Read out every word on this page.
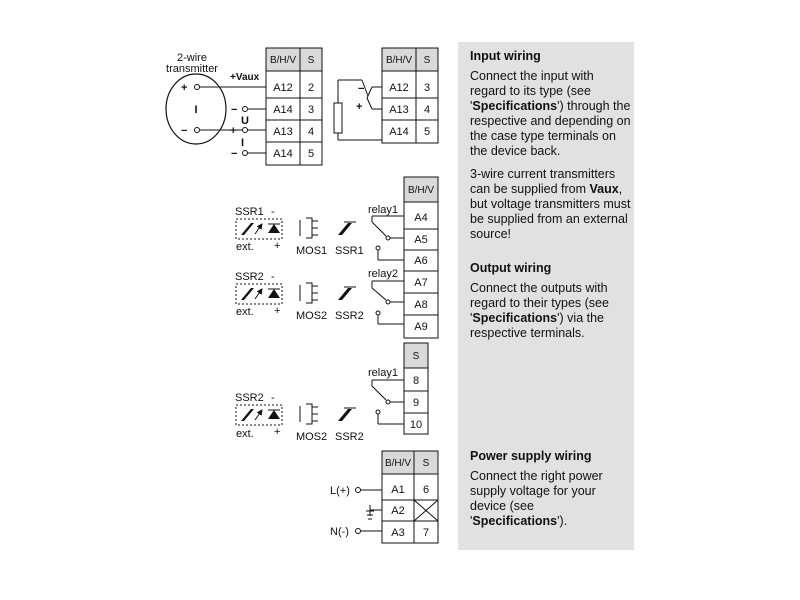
2-wire
transmitter
+
−
I
B/H/V S
A12 2
A14 3
A13 4
A14 5
+Vaux
−
U
+
I
−
B/H/V S
A12 3
A13 4
A14 5
−
+
B/H/V
A4
A5
A6
A7
A8
A9
relay1
relay2
SSR1 -
ext. + MOS1 SSR1
SSR2 -
ext. + MOS2 SSR2
S
8
9
10
relay1
SSR2 -
ext. + MOS2 SSR2
B/H/V S
A1 6
A2
A3 7
L(+)
N(-)
Input wiring

Connect the input with regard to its type (see 'Specifications') through the respective and depending on the case type terminals on the device back.

3-wire current transmitters can be supplied from Vaux, but voltage transmitters must be supplied from an external source!

Output wiring

Connect the outputs with regard to their types (see 'Specifications') via the respective terminals.

Power supply wiring

Connect the right power supply voltage for your device (see 'Specifications').
